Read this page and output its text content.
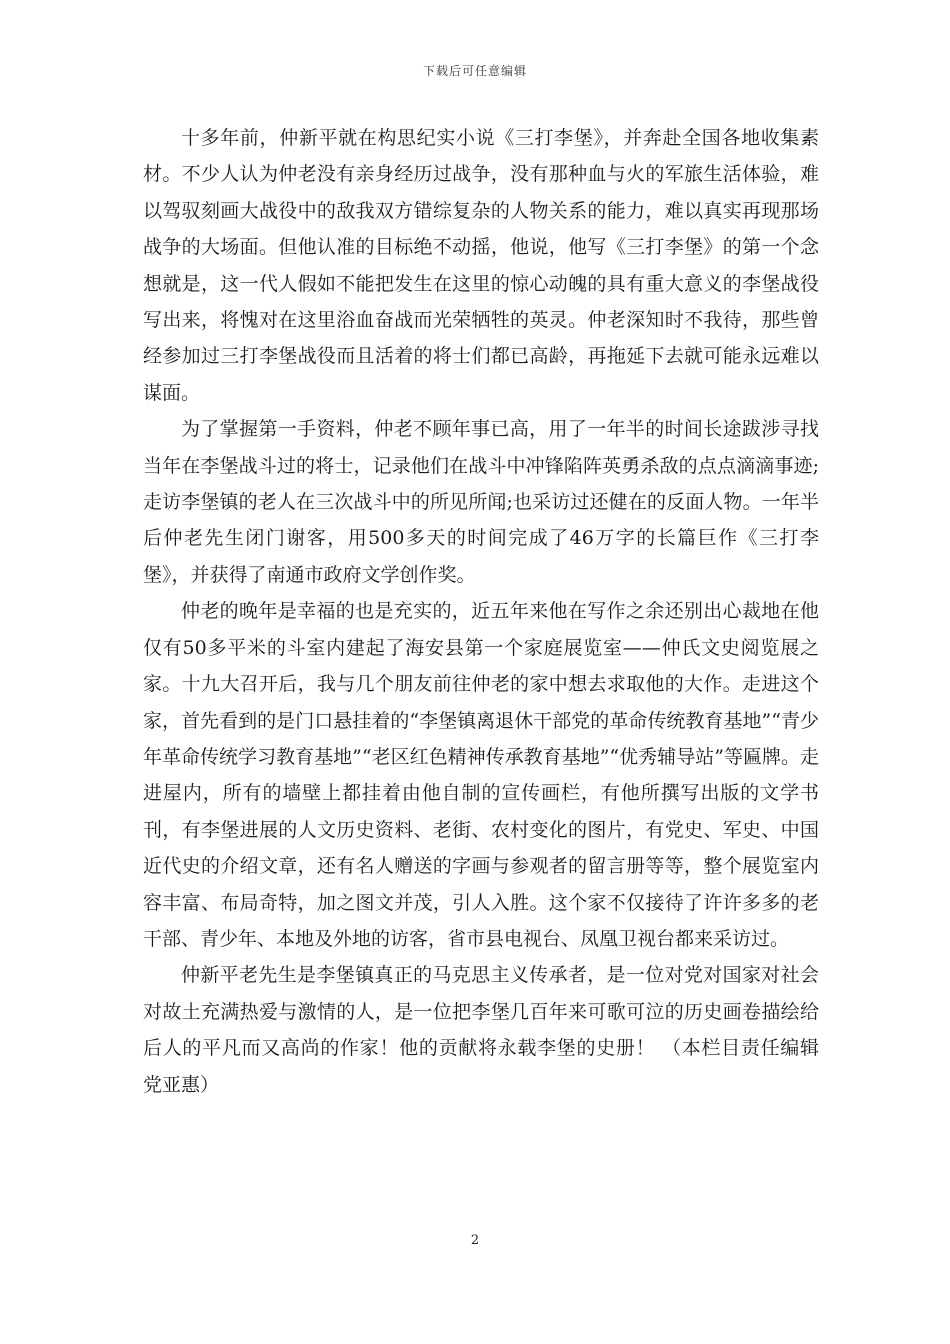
下载后可任意编辑

十多年前，仲新平就在构思纪实小说《三打李堡》，并奔赴全国各地收集素材。不少人认为仲老没有亲身经历过战争，没有那种血与火的军旅生活体验，难以驾驭刻画大战役中的敌我双方错综复杂的人物关系的能力，难以真实再现那场战争的大场面。但他认准的目标绝不动摇，他说，他写《三打李堡》的第一个念想就是，这一代人假如不能把发生在这里的惊心动魄的具有重大意义的李堡战役写出来，将愧对在这里浴血奋战而光荣牺牲的英灵。仲老深知时不我待，那些曾经参加过三打李堡战役而且活着的将士们都已高龄，再拖延下去就可能永远难以谋面。

为了掌握第一手资料，仲老不顾年事已高，用了一年半的时间长途跋涉寻找当年在李堡战斗过的将士，记录他们在战斗中冲锋陷阵英勇杀敌的点点滴滴事迹;走访李堡镇的老人在三次战斗中的所见所闻;也采访过还健在的反面人物。一年半后仲老先生闭门谢客，用500多天的时间完成了46万字的长篇巨作《三打李堡》，并获得了南通市政府文学创作奖。

仲老的晚年是幸福的也是充实的，近五年来他在写作之余还别出心裁地在他仅有50多平米的斗室内建起了海安县第一个家庭展览室——仲氏文史阅览展之家。十九大召开后，我与几个朋友前往仲老的家中想去求取他的大作。走进这个家，首先看到的是门口悬挂着的“李堡镇离退休干部党的革命传统教育基地”“青少年革命传统学习教育基地”“老区红色精神传承教育基地”“优秀辅导站”等匾牌。走进屋内，所有的墙壁上都挂着由他自制的宣传画栏，有他所撰写出版的文学书刊，有李堡进展的人文历史资料、老街、农村变化的图片，有党史、军史、中国近代史的介绍文章，还有名人赠送的字画与参观者的留言册等等，整个展览室内容丰富、布局奇特，加之图文并茂，引人入胜。这个家不仅接待了许许多多的老干部、青少年、本地及外地的访客，省市县电视台、凤凰卫视台都来采访过。

仲新平老先生是李堡镇真正的马克思主义传承者，是一位对党对国家对社会对故土充满热爱与激情的人，是一位把李堡几百年来可歌可泣的历史画卷描绘给后人的平凡而又高尚的作家！他的贡献将永载李堡的史册！ （本栏目责任编辑 党亚惠）

2
